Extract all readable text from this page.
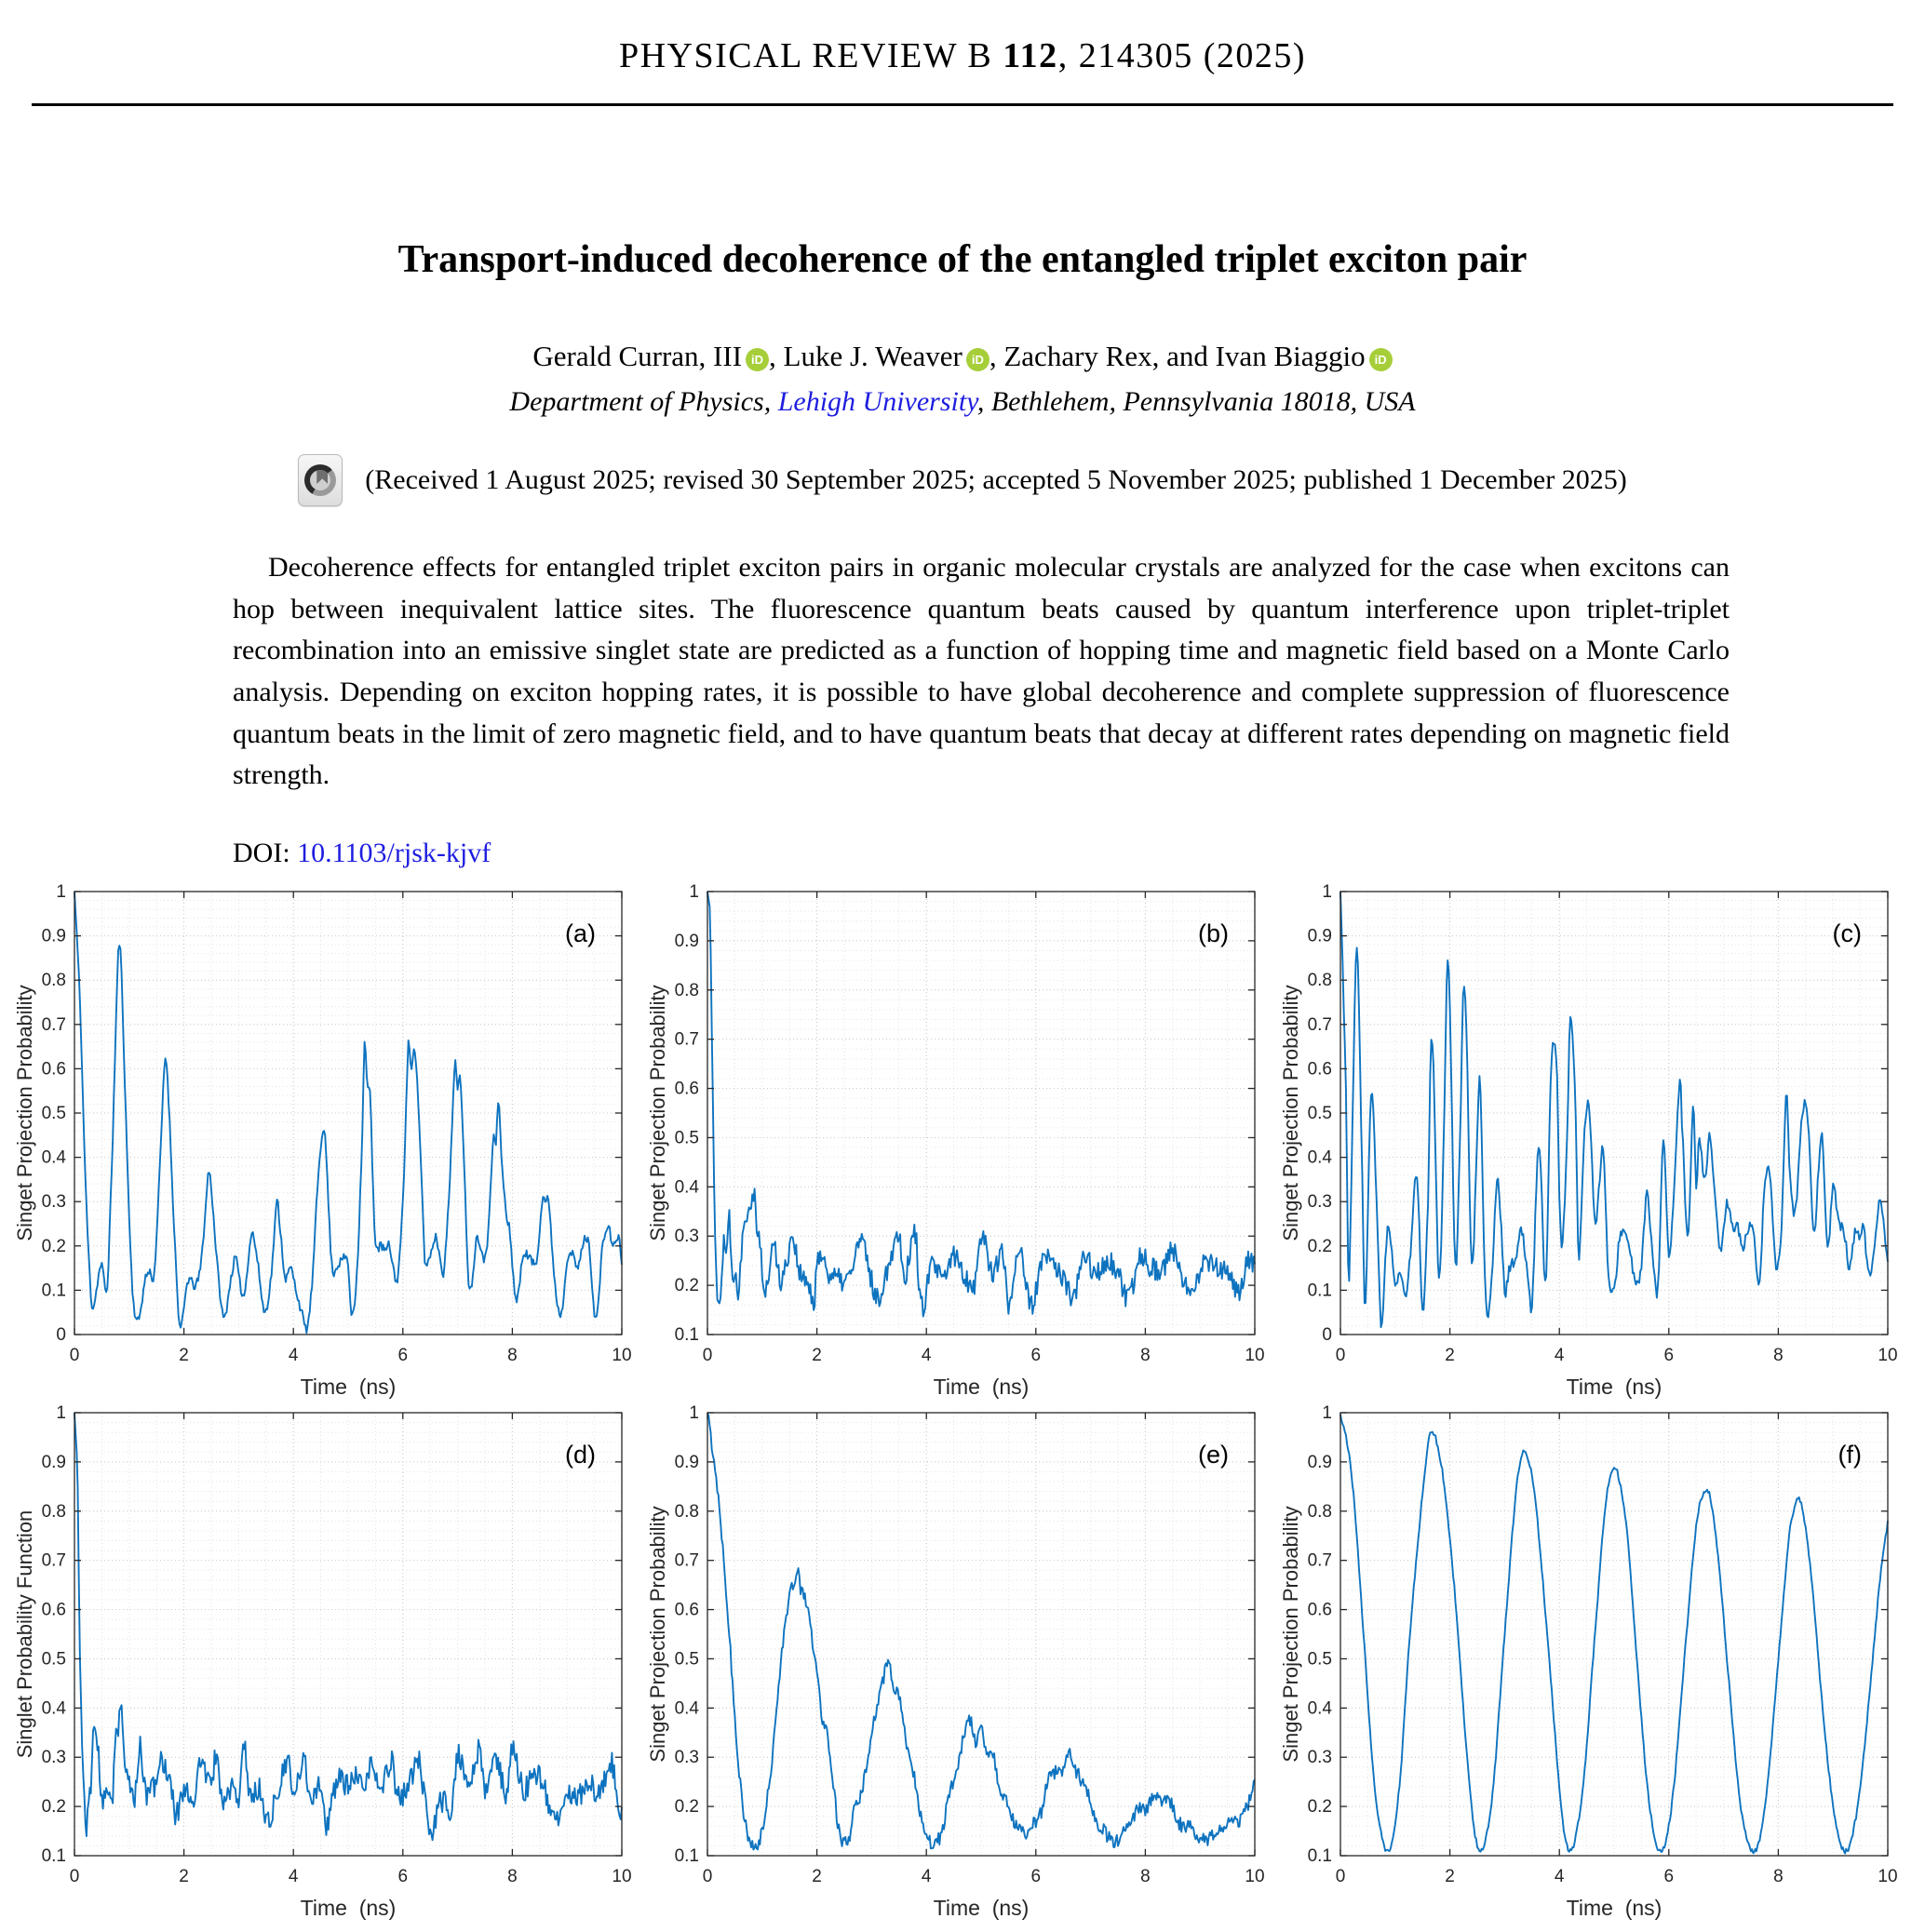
PHYSICAL REVIEW B 112, 214305 (2025)
Transport-induced decoherence of the entangled triplet exciton pair
Gerald Curran, III iD , Luke J. Weaver iD , Zachary Rex, and Ivan Biaggio iD
Department of Physics, Lehigh University, Bethlehem, Pennsylvania 18018, USA
(Received 1 August 2025; revised 30 September 2025; accepted 5 November 2025; published 1 December 2025)
Decoherence effects for entangled triplet exciton pairs in organic molecular crystals are analyzed for the case when excitons can hop between inequivalent lattice sites. The fluorescence quantum beats caused by quantum interference upon triplet-triplet recombination into an emissive singlet state are predicted as a function of hopping time and magnetic field based on a Monte Carlo analysis. Depending on exciton hopping rates, it is possible to have global decoherence and complete suppression of fluorescence quantum beats in the limit of zero magnetic field, and to have quantum beats that decay at different rates depending on magnetic field strength.
DOI: 10.1103/rjsk-kjvf
0	2	4	6	8	10
0
0.1
0.2
0.3
0.4
0.5
0.6
0.7
0.8
0.9
1
Time  (ns)
Singet Projection Probability
(a)
0	2	4	6	8	10
0.1
0.2
0.3
0.4
0.5
0.6
0.7
0.8
0.9
1
Time  (ns)
Singet Projection Probability
(b)
0	2	4	6	8	10
0
0.1
0.2
0.3
0.4
0.5
0.6
0.7
0.8
0.9
1
Time  (ns)
Singet Projection Probability
(c)
0	2	4	6	8	10
0.1
0.2
0.3
0.4
0.5
0.6
0.7
0.8
0.9
1
Time  (ns)
Singlet Probability Function
(d)
0	2	4	6	8	10
0.1
0.2
0.3
0.4
0.5
0.6
0.7
0.8
0.9
1
Time  (ns)
Singet Projection Probability
(e)
0	2	4	6	8	10
0.1
0.2
0.3
0.4
0.5
0.6
0.7
0.8
0.9
1
Time  (ns)
Singet Projection Probability
(f)
